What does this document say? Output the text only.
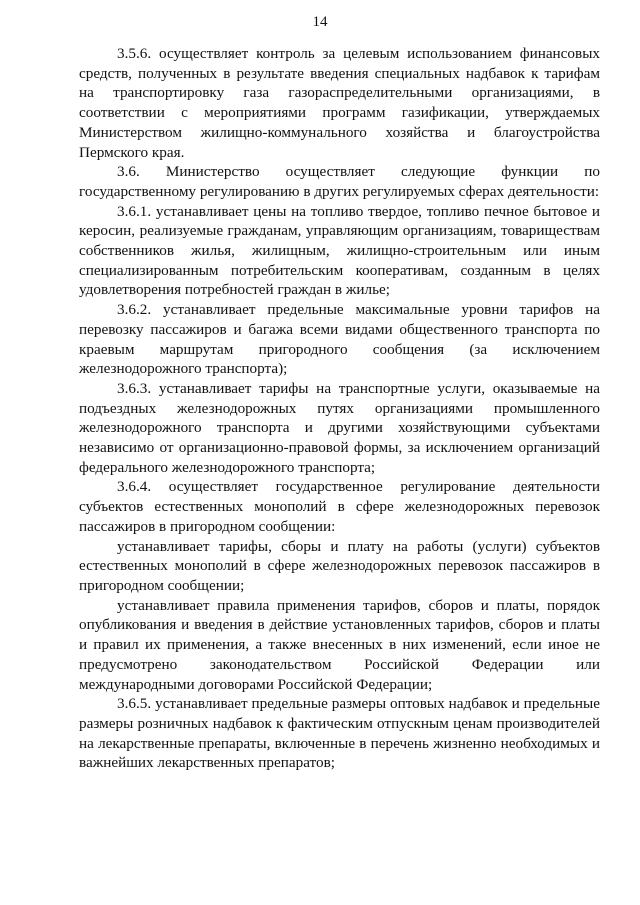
14

3.5.6. осуществляет контроль за целевым использованием финансовых средств, полученных в результате введения специальных надбавок к тарифам на транспортировку газа газораспределительными организациями, в соответствии с мероприятиями программ газификации, утверждаемых Министерством жилищно-коммунального хозяйства и благоустройства Пермского края.

3.6. Министерство осуществляет следующие функции по государственному регулированию в других регулируемых сферах деятельности:

3.6.1. устанавливает цены на топливо твердое, топливо печное бытовое и керосин, реализуемые гражданам, управляющим организациям, товариществам собственников жилья, жилищным, жилищно-строительным или иным специализированным потребительским кооперативам, созданным в целях удовлетворения потребностей граждан в жилье;

3.6.2. устанавливает предельные максимальные уровни тарифов на перевозку пассажиров и багажа всеми видами общественного транспорта по краевым маршрутам пригородного сообщения (за исключением железнодорожного транспорта);

3.6.3. устанавливает тарифы на транспортные услуги, оказываемые на подъездных железнодорожных путях организациями промышленного железнодорожного транспорта и другими хозяйствующими субъектами независимо от организационно-правовой формы, за исключением организаций федерального железнодорожного транспорта;

3.6.4. осуществляет государственное регулирование деятельности субъектов естественных монополий в сфере железнодорожных перевозок пассажиров в пригородном сообщении:

устанавливает тарифы, сборы и плату на работы (услуги) субъектов естественных монополий в сфере железнодорожных перевозок пассажиров в пригородном сообщении;

устанавливает правила применения тарифов, сборов и платы, порядок опубликования и введения в действие установленных тарифов, сборов и платы и правил их применения, а также внесенных в них изменений, если иное не предусмотрено законодательством Российской Федерации или международными договорами Российской Федерации;

3.6.5. устанавливает предельные размеры оптовых надбавок и предельные размеры розничных надбавок к фактическим отпускным ценам производителей на лекарственные препараты, включенные в перечень жизненно необходимых и важнейших лекарственных препаратов;
